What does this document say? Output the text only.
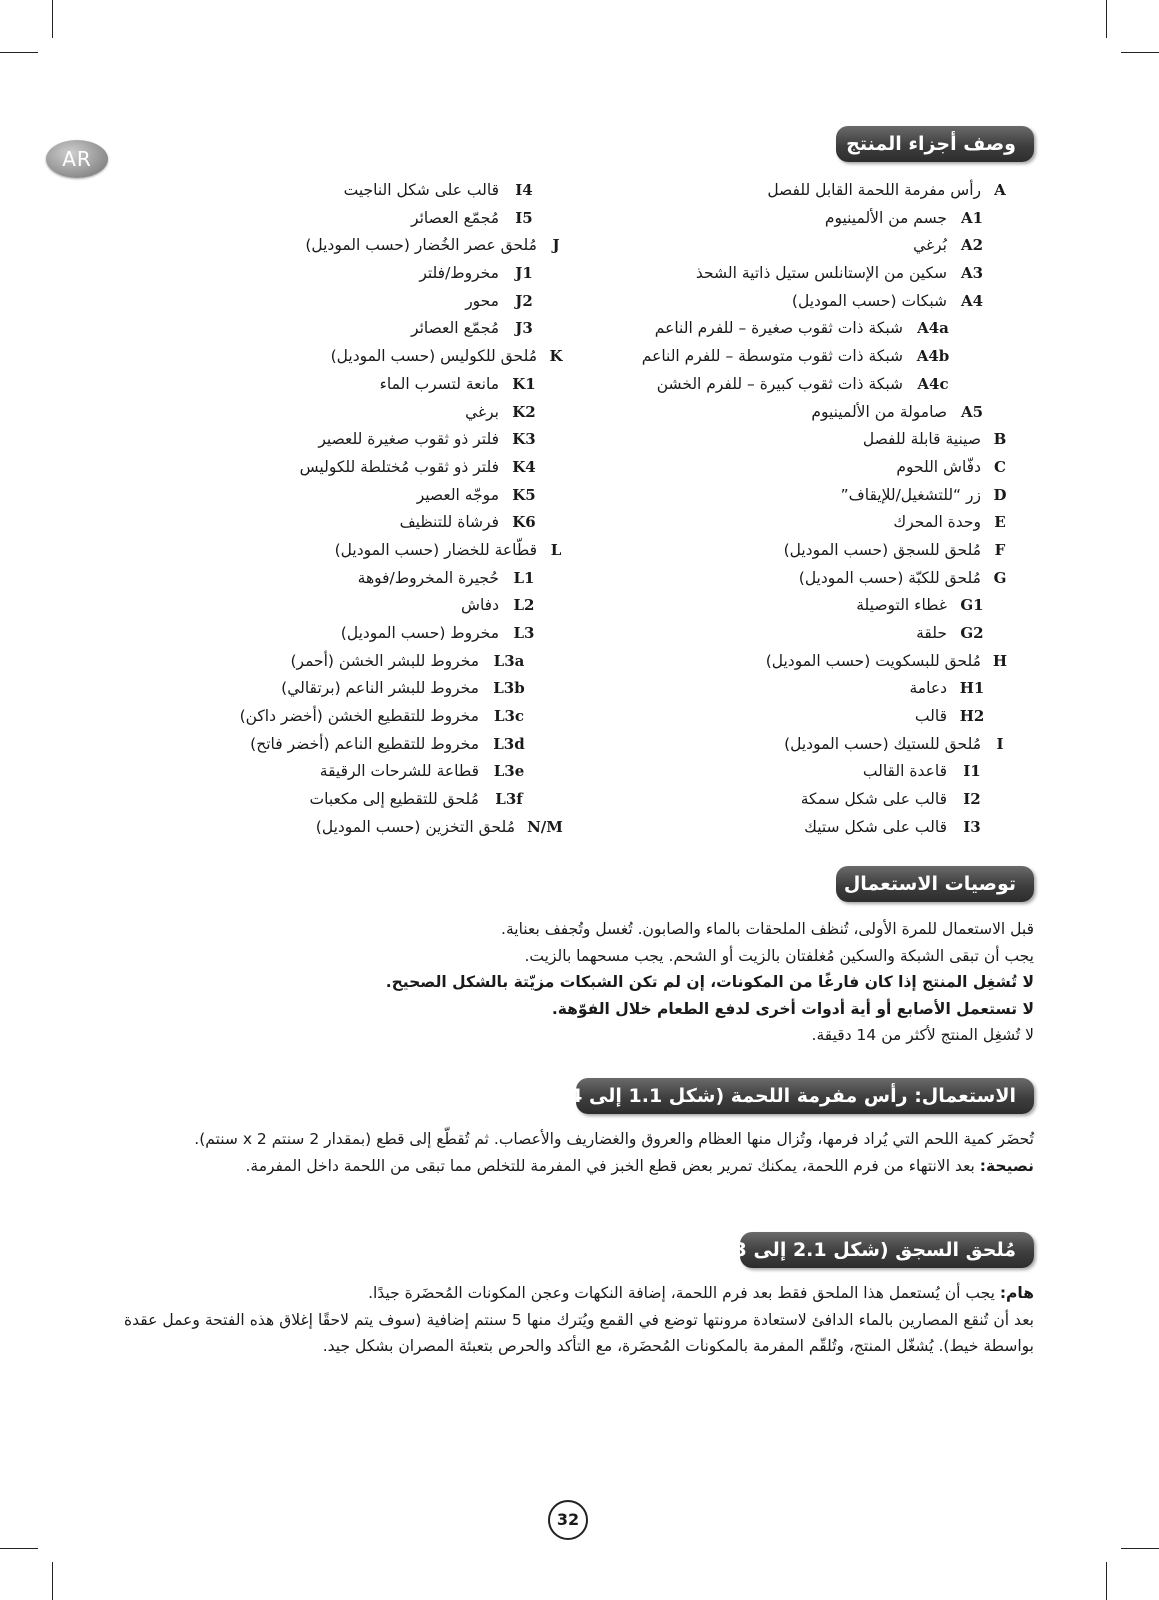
AR
وصف أجزاء المنتج
Aرأس مفرمة اللحمة القابل للفصل
A1جسم من الألمينيوم
A2بُرغي
A3سكين من الإستانلس ستيل ذاتية الشحذ
A4شبكات (حسب الموديل)
A4aشبكة ذات ثقوب صغيرة – للفرم الناعم
A4bشبكة ذات ثقوب متوسطة – للفرم الناعم
A4cشبكة ذات ثقوب كبيرة – للفرم الخشن
A5صامولة من الألمينيوم
Bصينية قابلة للفصل
Cدفّاش اللحوم
Dزر “للتشغيل/للإيقاف”
Eوحدة المحرك
Fمُلحق للسجق (حسب الموديل)
Gمُلحق للكبّة (حسب الموديل)
G1غطاء التوصيلة
G2حلقة
Hمُلحق للبسكويت (حسب الموديل)
H1دعامة
H2قالب
Iمُلحق للستيك (حسب الموديل)
I1قاعدة القالب
I2قالب على شكل سمكة
I3قالب على شكل ستيك
I4قالب على شكل الناجيت
I5مُجمّع العصائر
Jمُلحق عصر الخُضار (حسب الموديل)
J1مخروط/فلتر
J2محور
J3مُجمّع العصائر
Kمُلحق للكوليس (حسب الموديل)
K1مانعة لتسرب الماء
K2برغي
K3فلتر ذو ثقوب صغيرة للعصير
K4فلتر ذو ثقوب مُختلطة للكوليس
K5موجّه العصير
K6فرشاة للتنظيف
Lقطّاعة للخضار (حسب الموديل)
L1حُجيرة المخروط/فوهة
L2دفاش
L3مخروط (حسب الموديل)
L3aمخروط للبشر الخشن (أحمر)
L3bمخروط للبشر الناعم (برتقالي)
L3cمخروط للتقطيع الخشن (أخضر داكن)
L3dمخروط للتقطيع الناعم (أخضر فاتح)
L3eقطاعة للشرحات الرقيقة
L3fمُلحق للتقطيع إلى مكعبات
N/Mمُلحق التخزين (حسب الموديل)
توصيات الاستعمال

قبل الاستعمال للمرة الأولى، تُنظف الملحقات بالماء والصابون. تُغسل وتُجفف بعناية.

يجب أن تبقى الشبكة والسكين مُغلفتان بالزيت أو الشحم. يجب مسحهما بالزيت.

لا تُشغِل المنتج إذا كان فارغًا من المكونات، إن لم تكن الشبكات مزيّتة بالشكل الصحيح.

لا تستعمل الأصابع أو أية أدوات أخرى لدفع الطعام خلال الفوّهة.

لا تُشغِل المنتج لأكثر من 14 دقيقة.

الاستعمال: رأس مفرمة اللحمة (شكل 1.1 إلى 1.4)

تُحضَر كمية اللحم التي يُراد فرمها، وتُزال منها العظام والعروق والغضاريف والأعصاب. ثم تُقطّع إلى قطع (بمقدار 2 سنتم x 2 سنتم).

نصيحة: بعد الانتهاء من فرم اللحمة، يمكنك تمرير بعض قطع الخبز في المفرمة للتخلص مما تبقى من اللحمة داخل المفرمة.

مُلحق السجق (شكل 2.1 إلى 2.3)

هام: يجب أن يُستعمل هذا الملحق فقط بعد فرم اللحمة، إضافة النكهات وعجن المكونات المُحضَرة جيدًا.

بعد أن تُنقع المصارين بالماء الدافئ لاستعادة مرونتها توضع في القمع ويُترك منها 5 سنتم إضافية (سوف يتم لاحقًا إغلاق هذه الفتحة وعمل عقدة بواسطة خيط). يُشغّل المنتج، وتُلقّم المفرمة بالمكونات المُحضَرة، مع التأكد والحرص بتعبئة المصران بشكل جيد.

32
